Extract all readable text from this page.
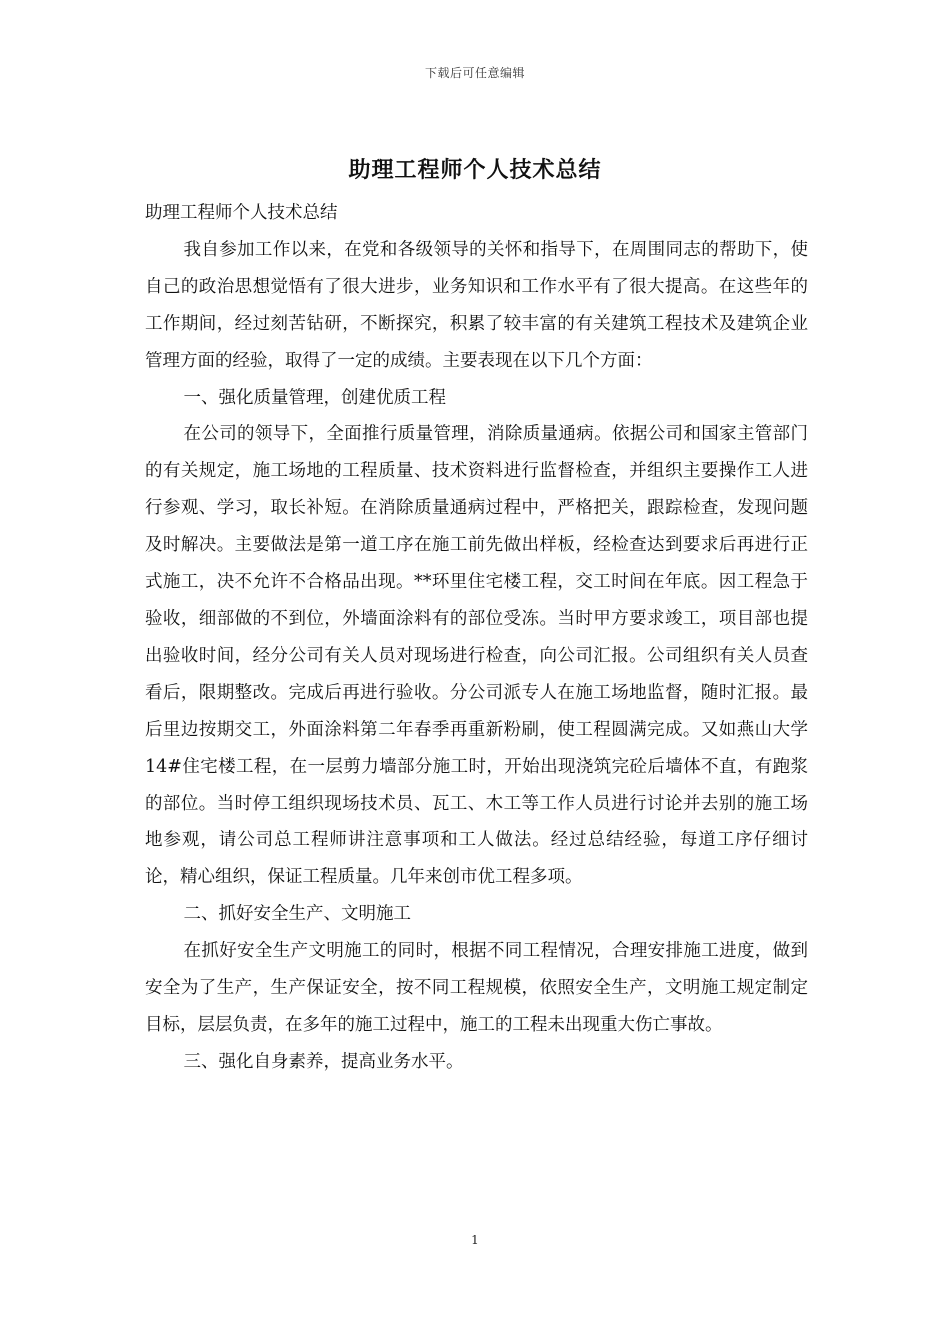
下载后可任意编辑
助理工程师个人技术总结

助理工程师个人技术总结

我自参加工作以来，在党和各级领导的关怀和指导下，在周围同志的帮助下，使自己的政治思想觉悟有了很大进步，业务知识和工作水平有了很大提高。在这些年的工作期间，经过刻苦钻研，不断探究，积累了较丰富的有关建筑工程技术及建筑企业管理方面的经验，取得了一定的成绩。主要表现在以下几个方面：

一、强化质量管理，创建优质工程

在公司的领导下，全面推行质量管理，消除质量通病。依据公司和国家主管部门的有关规定，施工场地的工程质量、技术资料进行监督检查，并组织主要操作工人进行参观、学习，取长补短。在消除质量通病过程中，严格把关，跟踪检查，发现问题及时解决。主要做法是第一道工序在施工前先做出样板，经检查达到要求后再进行正式施工，决不允许不合格品出现。**环里住宅楼工程，交工时间在年底。因工程急于验收，细部做的不到位，外墙面涂料有的部位受冻。当时甲方要求竣工，项目部也提出验收时间，经分公司有关人员对现场进行检查，向公司汇报。公司组织有关人员查看后，限期整改。完成后再进行验收。分公司派专人在施工场地监督，随时汇报。最后里边按期交工，外面涂料第二年春季再重新粉刷，使工程圆满完成。又如燕山大学 14#住宅楼工程，在一层剪力墙部分施工时，开始出现浇筑完砼后墙体不直，有跑浆的部位。当时停工组织现场技术员、瓦工、木工等工作人员进行讨论并去别的施工场地参观，请公司总工程师讲注意事项和工人做法。经过总结经验，每道工序仔细讨论，精心组织，保证工程质量。几年来创市优工程多项。

二、抓好安全生产、文明施工

在抓好安全生产文明施工的同时，根据不同工程情况，合理安排施工进度，做到安全为了生产，生产保证安全，按不同工程规模，依照安全生产，文明施工规定制定目标，层层负责，在多年的施工过程中，施工的工程未出现重大伤亡事故。

三、强化自身素养，提高业务水平。

1
